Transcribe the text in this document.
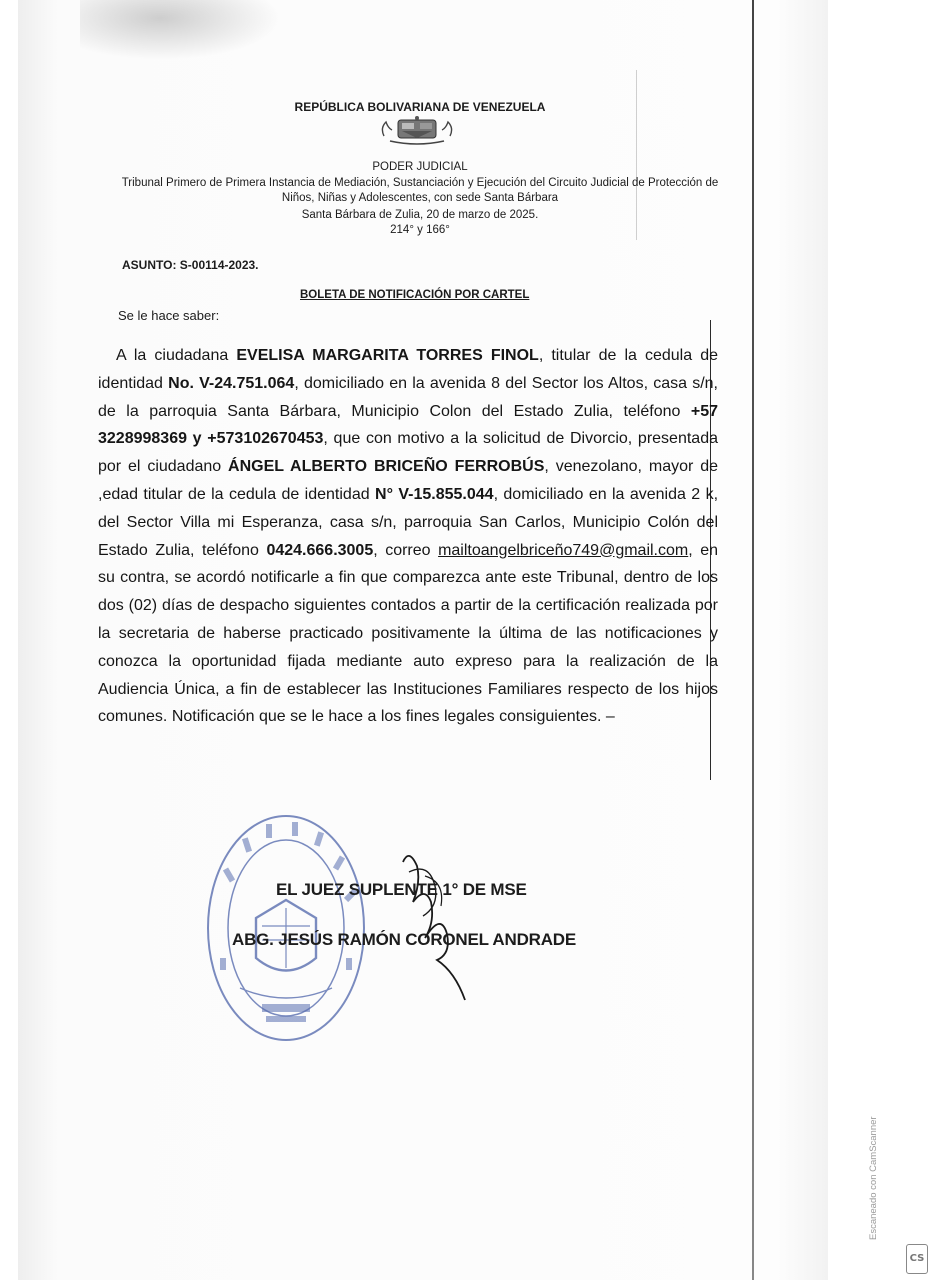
REPÚBLICA BOLIVARIANA DE VENEZUELA
PODER JUDICIAL
Tribunal Primero de Primera Instancia de Mediación, Sustanciación y Ejecución del Circuito Judicial de Protección de Niños, Niñas y Adolescentes, con sede Santa Bárbara
Santa Bárbara de Zulia, 20 de marzo de 2025.
214° y 166°
ASUNTO: S-00114-2023.
BOLETA DE NOTIFICACIÓN POR CARTEL
Se le hace saber:
A la ciudadana EVELISA MARGARITA TORRES FINOL, titular de la cedula de identidad No. V-24.751.064, domiciliado en la avenida 8 del Sector los Altos, casa s/n, de la parroquia Santa Bárbara, Municipio Colon del Estado Zulia, teléfono +57 3228998369 y +573102670453, que con motivo a la solicitud de Divorcio, presentada por el ciudadano ÁNGEL ALBERTO BRICEÑO FERROBÚS, venezolano, mayor de ,edad titular de la cedula de identidad N° V-15.855.044, domiciliado en la avenida 2 k, del Sector Villa mi Esperanza, casa s/n, parroquia San Carlos, Municipio Colón del Estado Zulia, teléfono 0424.666.3005, correo mailtoangelbriceño749@gmail.com, en su contra, se acordó notificarle a fin que comparezca ante este Tribunal, dentro de los dos (02) días de despacho siguientes contados a partir de la certificación realizada por la secretaria de haberse practicado positivamente la última de las notificaciones y conozca la oportunidad fijada mediante auto expreso para la realización de la Audiencia Única, a fin de establecer las Instituciones Familiares respecto de los hijos comunes. Notificación que se le hace a los fines legales consiguientes. –
EL JUEZ SUPLENTE 1° DE MSE
ABG. JESÚS RAMÓN CORONEL ANDRADE
Escaneado con CamScanner
CS
